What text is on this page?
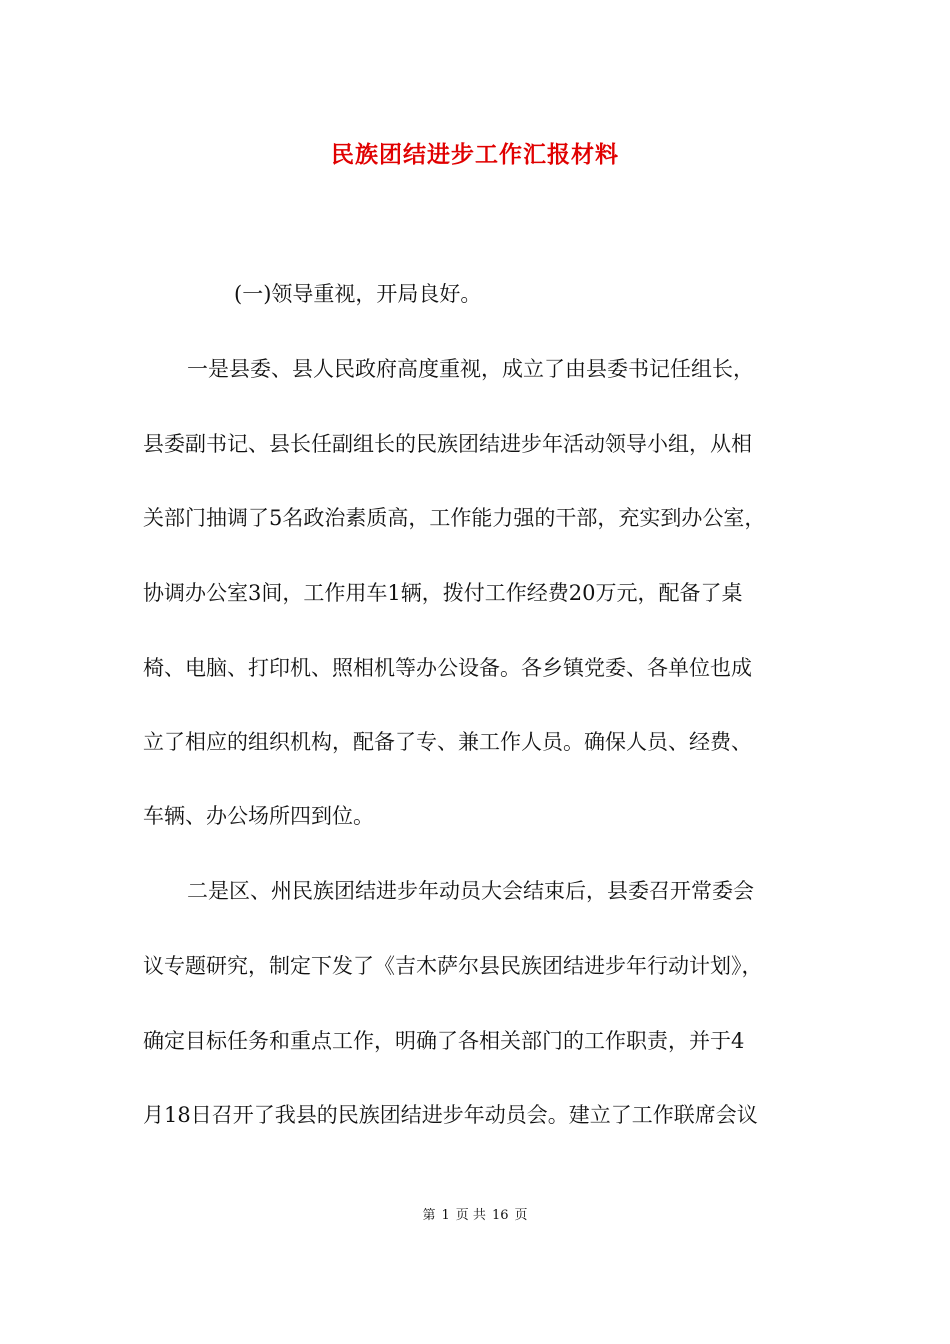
民族团结进步工作汇报材料
(一)领导重视，开局良好。
一是县委、县人民政府高度重视，成立了由县委书记任组长，
县委副书记、县长任副组长的民族团结进步年活动领导小组，从相
关部门抽调了5名政治素质高，工作能力强的干部，充实到办公室，
协调办公室3间，工作用车1辆，拨付工作经费20万元，配备了桌
椅、电脑、打印机、照相机等办公设备。各乡镇党委、各单位也成
立了相应的组织机构，配备了专、兼工作人员。确保人员、经费、
车辆、办公场所四到位。
二是区、州民族团结进步年动员大会结束后，县委召开常委会
议专题研究，制定下发了《吉木萨尔县民族团结进步年行动计划》，
确定目标任务和重点工作，明确了各相关部门的工作职责，并于4
月18日召开了我县的民族团结进步年动员会。建立了工作联席会议
第 1 页 共 16 页
